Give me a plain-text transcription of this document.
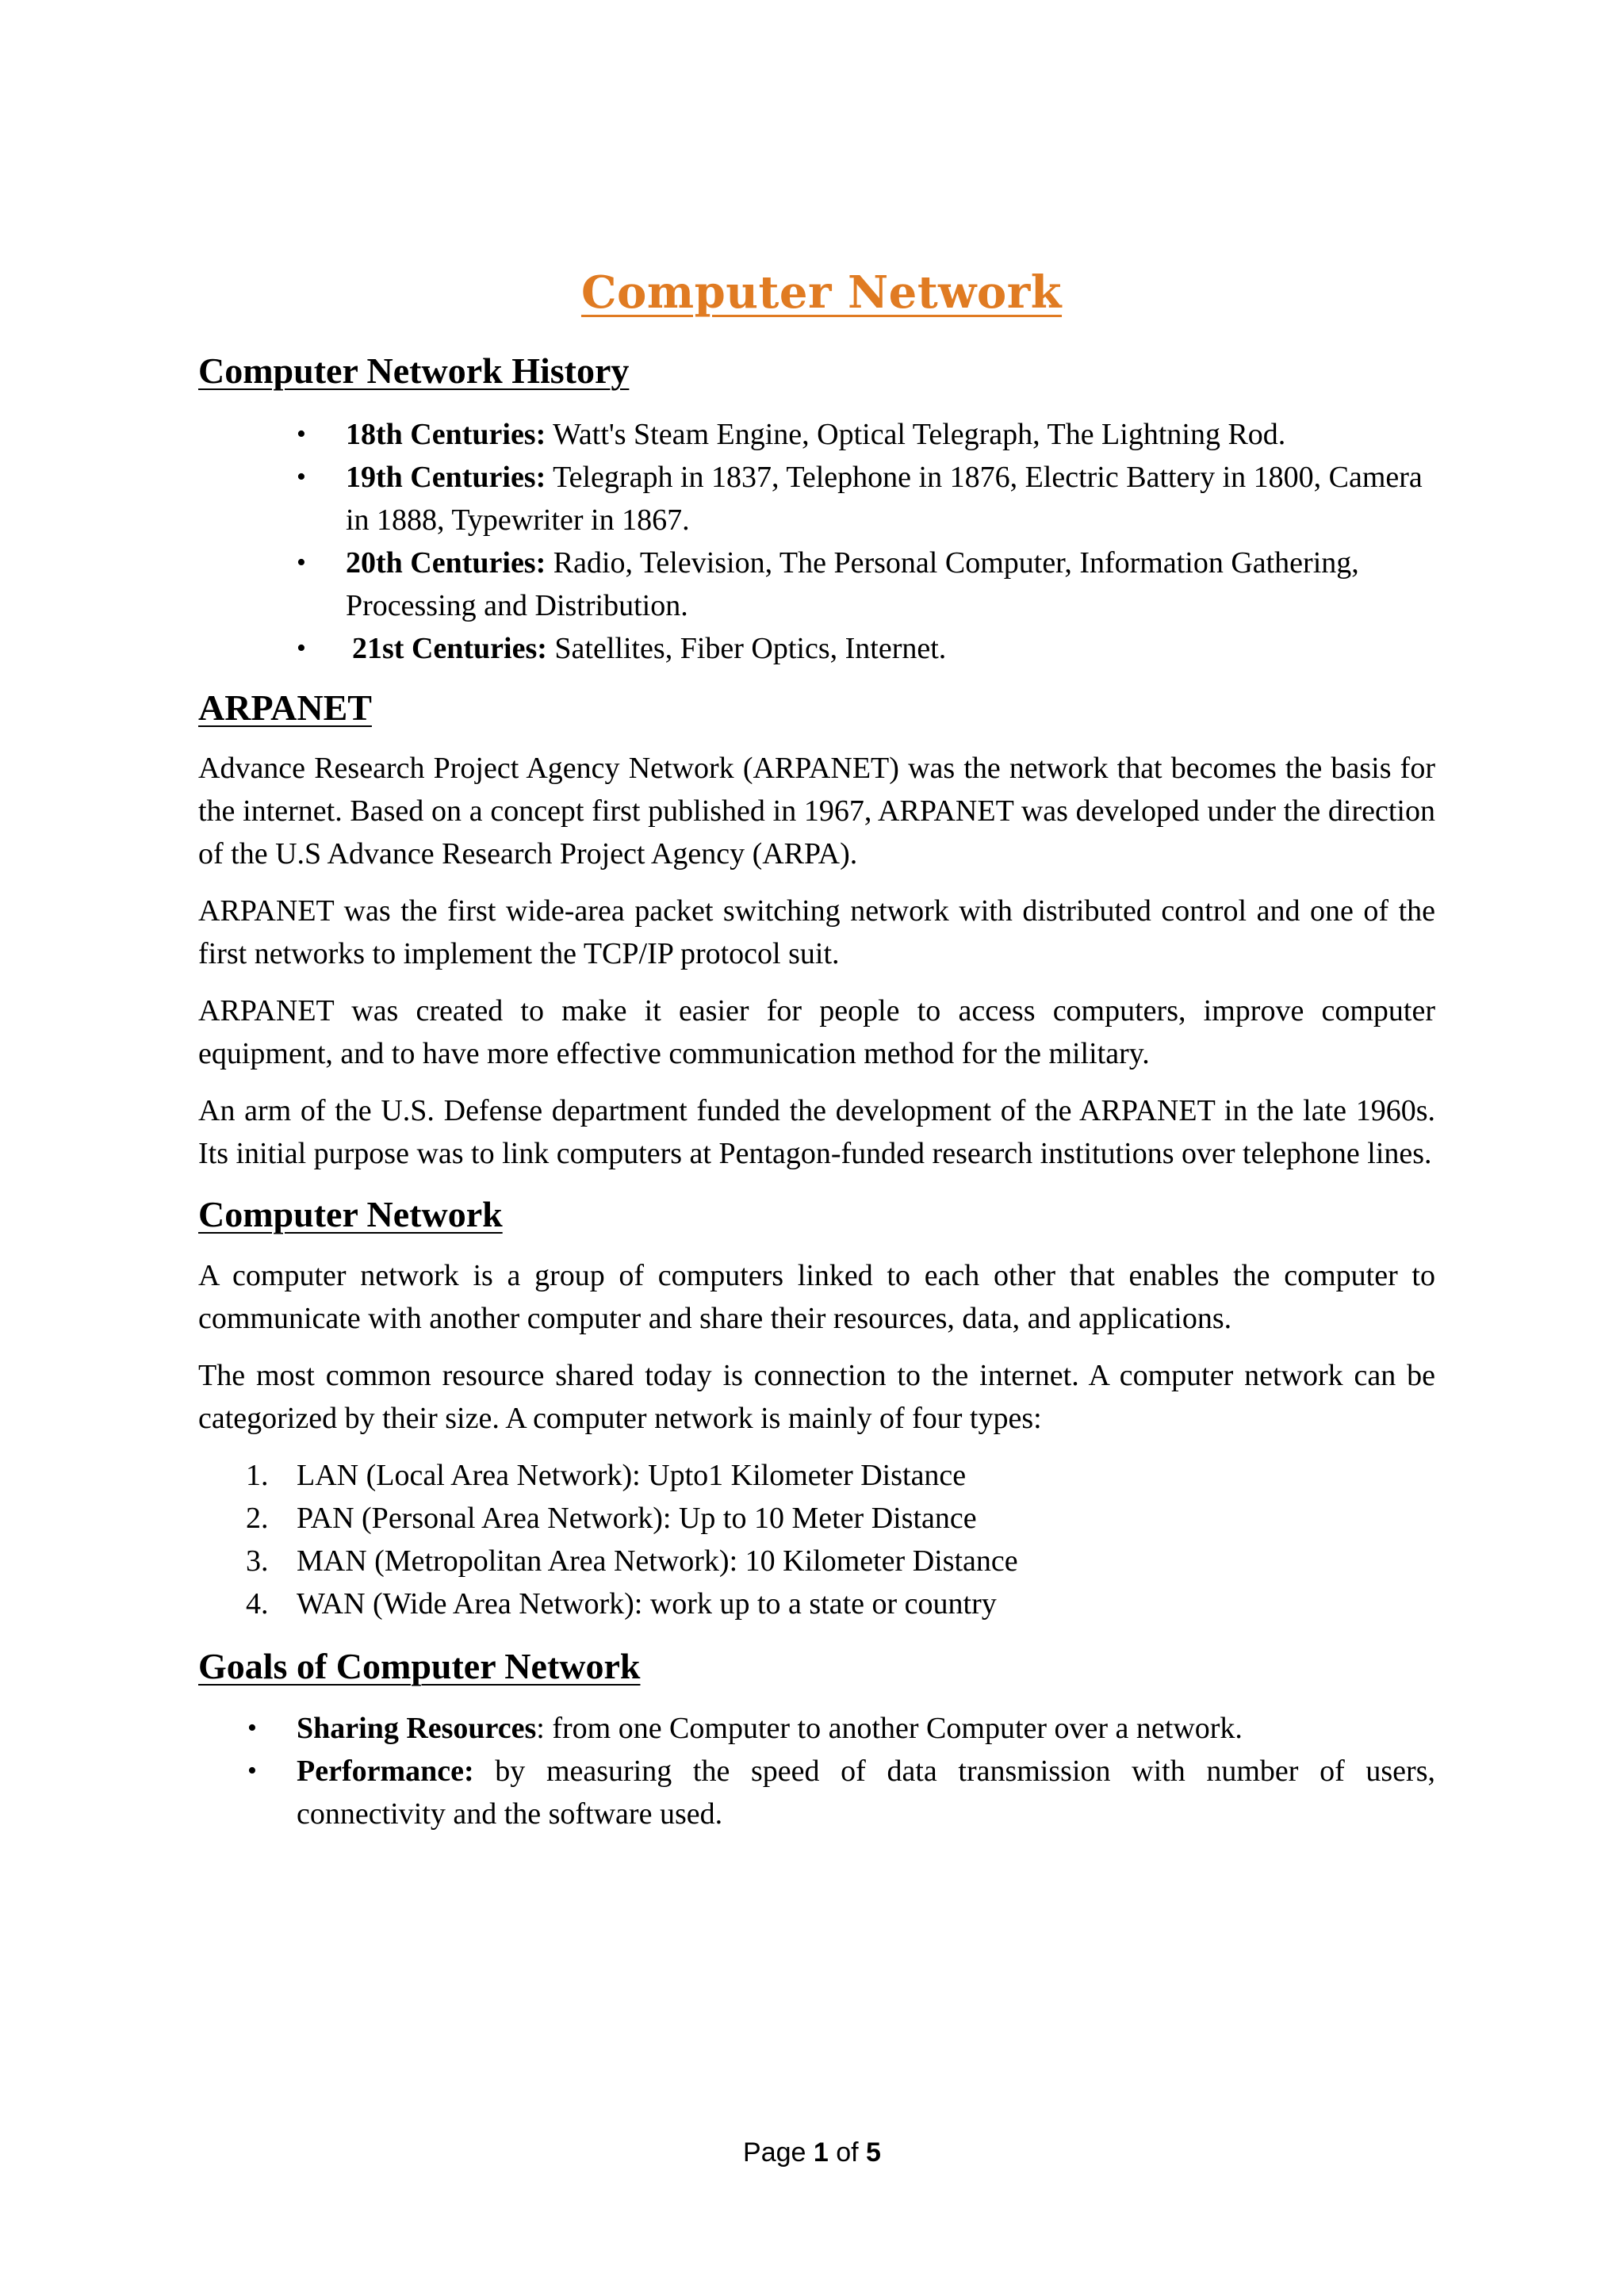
Computer Network
Computer Network History
• 18th Centuries: Watt's Steam Engine, Optical Telegraph, The Lightning Rod.
• 19th Centuries: Telegraph in 1837, Telephone in 1876, Electric Battery in 1800, Camera in 1888, Typewriter in 1867.
• 20th Centuries: Radio, Television, The Personal Computer, Information Gathering, Processing and Distribution.
• 21st Centuries: Satellites, Fiber Optics, Internet.
ARPANET

Advance Research Project Agency Network (ARPANET) was the network that becomes the basis for the internet. Based on a concept first published in 1967, ARPANET was developed under the direction of the U.S Advance Research Project Agency (ARPA).

ARPANET was the first wide-area packet switching network with distributed control and one of the first networks to implement the TCP/IP protocol suit.

ARPANET was created to make it easier for people to access computers, improve computer equipment, and to have more effective communication method for the military.

An arm of the U.S. Defense department funded the development of the ARPANET in the late 1960s. Its initial purpose was to link computers at Pentagon-funded research institutions over telephone lines.

Computer Network

A computer network is a group of computers linked to each other that enables the computer to communicate with another computer and share their resources, data, and applications.

The most common resource shared today is connection to the internet. A computer network can be categorized by their size. A computer network is mainly of four types:

1. LAN (Local Area Network): Upto1 Kilometer Distance
2. PAN (Personal Area Network): Up to 10 Meter Distance
3. MAN (Metropolitan Area Network): 10 Kilometer Distance
4. WAN (Wide Area Network): work up to a state or country
Goals of Computer Network
• Sharing Resources: from one Computer to another Computer over a network.
• Performance: by measuring the speed of data transmission with number of users, connectivity and the software used.
Page 1 of 5
